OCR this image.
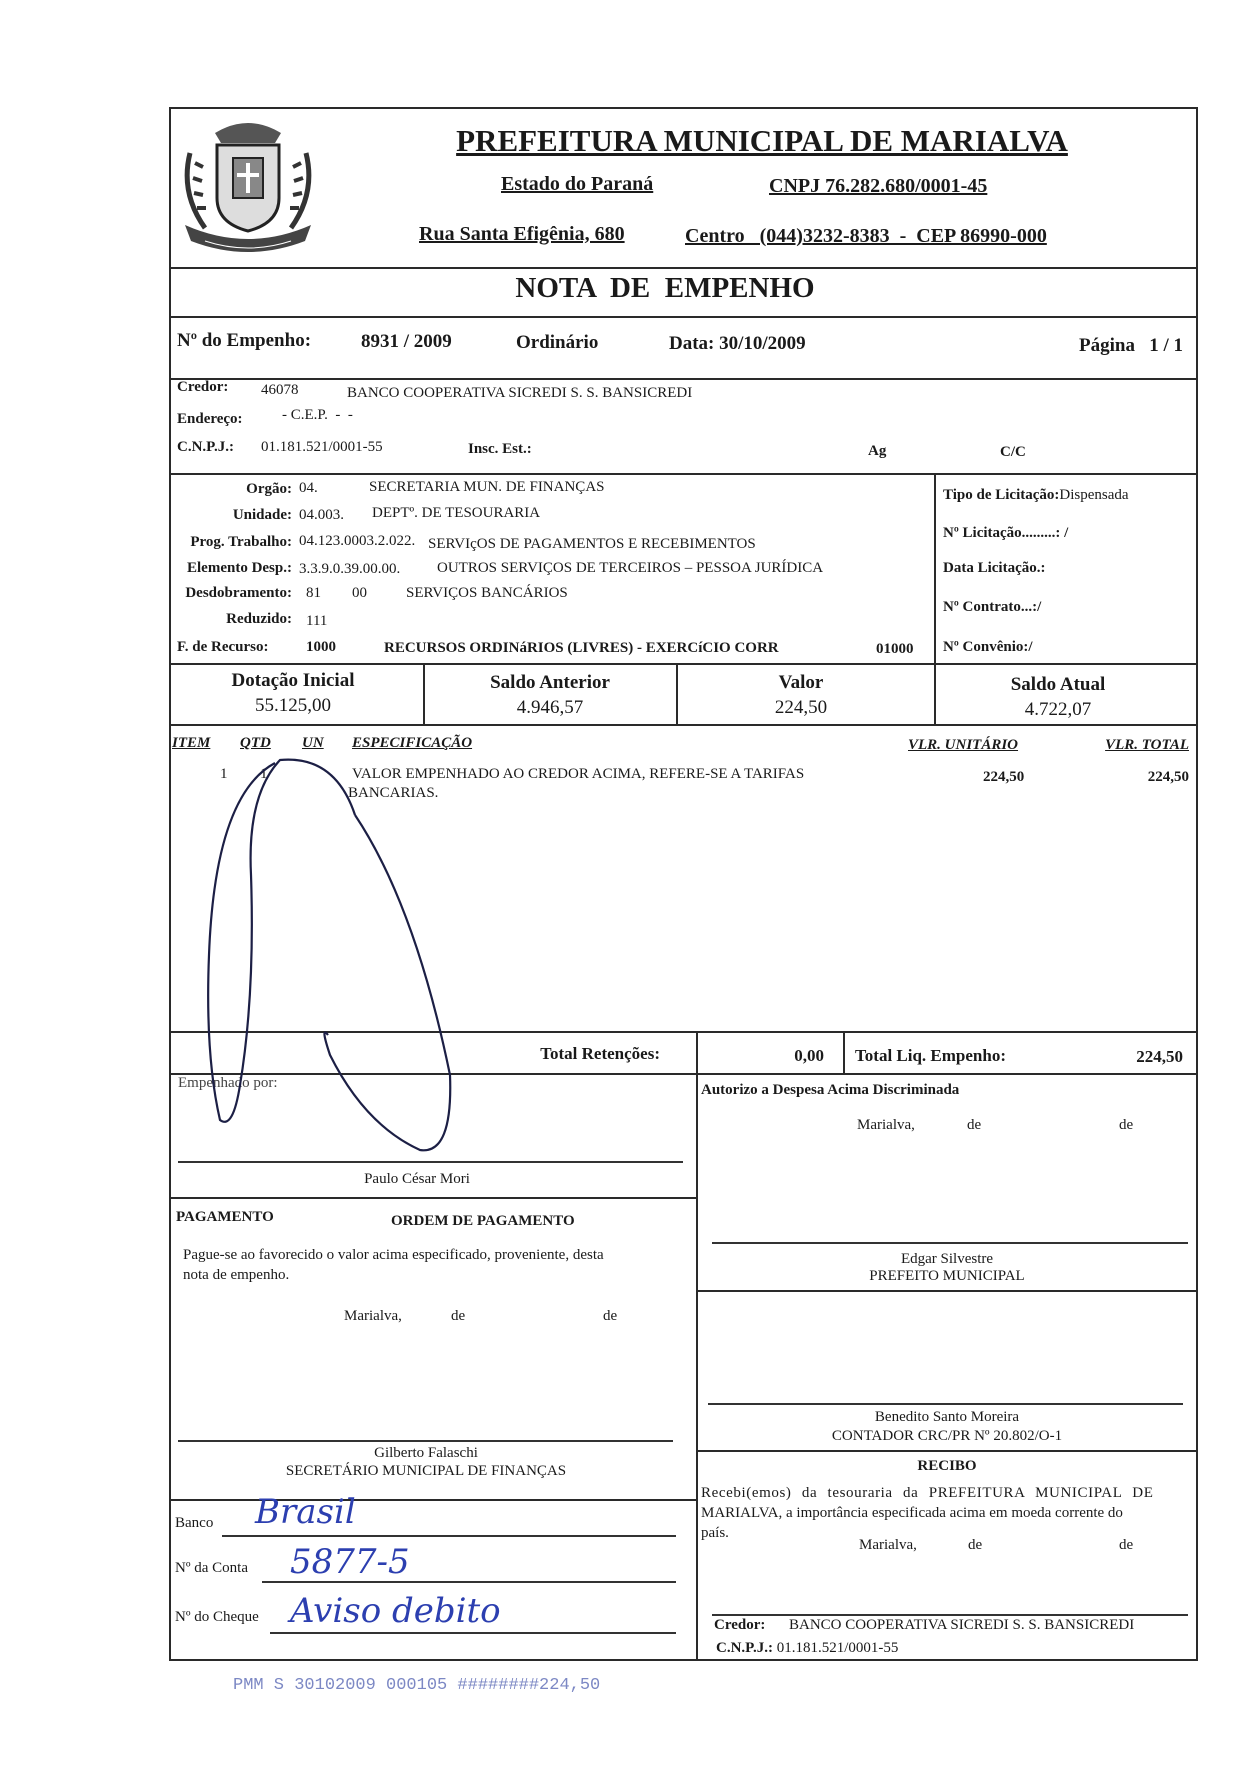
PREFEITURA MUNICIPAL DE MARIALVA
Estado do Paraná	CNPJ 76.282.680/0001-45
Rua Santa Efigênia, 680	Centro   (044)3232-8383  -  CEP 86990-000
NOTA  DE  EMPENHO
Nº do Empenho:	8931 / 2009	Ordinário	Data: 30/10/2009	Página   1 / 1
Credor: 46078	BANCO COOPERATIVA SICREDI S. S. BANSICREDI
Endereço:	- C.E.P.  -  -
C.N.P.J.: 01.181.521/0001-55	Insc. Est.:	Ag	C/C
Orgão: 04.	SECRETARIA MUN. DE FINANÇAS
Unidade: 04.003. DEPTº. DE TESOURARIA
Prog. Trabalho: 04.123.0003.2.022. SERVIçOS DE PAGAMENTOS E RECEBIMENTOS
Elemento Desp.: 3.3.9.0.39.00.00. OUTROS SERVIÇOS DE TERCEIROS – PESSOA JURÍDICA
Desdobramento: 81 00	SERVIÇOS BANCÁRIOS
Reduzido: 111
F. de Recurso: 1000	RECURSOS ORDINáRIOS (LIVRES) - EXERCíCIO CORR	01000
Tipo de Licitação:Dispensada
Nº Licitação.........: /
Data Licitação.:
Nº Contrato...:/
Nº Convênio:/
Dotação Inicial
55.125,00
Saldo Anterior
4.946,57
Valor
224,50
Saldo Atual
4.722,07
ITEM QTD UN ESPECIFICAÇÃO	VLR. UNITÁRIO	VLR. TOTAL
1 1	VALOR EMPENHADO AO CREDOR ACIMA, REFERE-SE A TARIFAS
BANCARIAS.
224,50	224,50
Total Retenções:	0,00 Total Liq. Empenho:	224,50
Empenhado por:
Paulo César Mori
Autorizo a Despesa Acima Discriminada
Marialva,	de	de
Edgar Silvestre
PREFEITO MUNICIPAL
PAGAMENTO	ORDEM DE PAGAMENTO
Pague-se ao favorecido o valor acima especificado, proveniente, desta
nota de empenho.
Marialva,	de	de
Gilberto Falaschi
SECRETÁRIO MUNICIPAL DE FINANÇAS
Benedito Santo Moreira
CONTADOR CRC/PR Nº 20.802/O-1
RECIBO
Recebi(emos) da tesouraria da PREFEITURA MUNICIPAL DE
MARIALVA, a importância especificada acima em moeda corrente do
país.
Marialva,	de	de
Credor: BANCO COOPERATIVA SICREDI S. S. BANSICREDI
C.N.P.J.: 01.181.521/0001-55
Banco Brasil
Nº da Conta 5877-5
Nº do Cheque Aviso debito
PMM S 30102009 000105 ########224,50
